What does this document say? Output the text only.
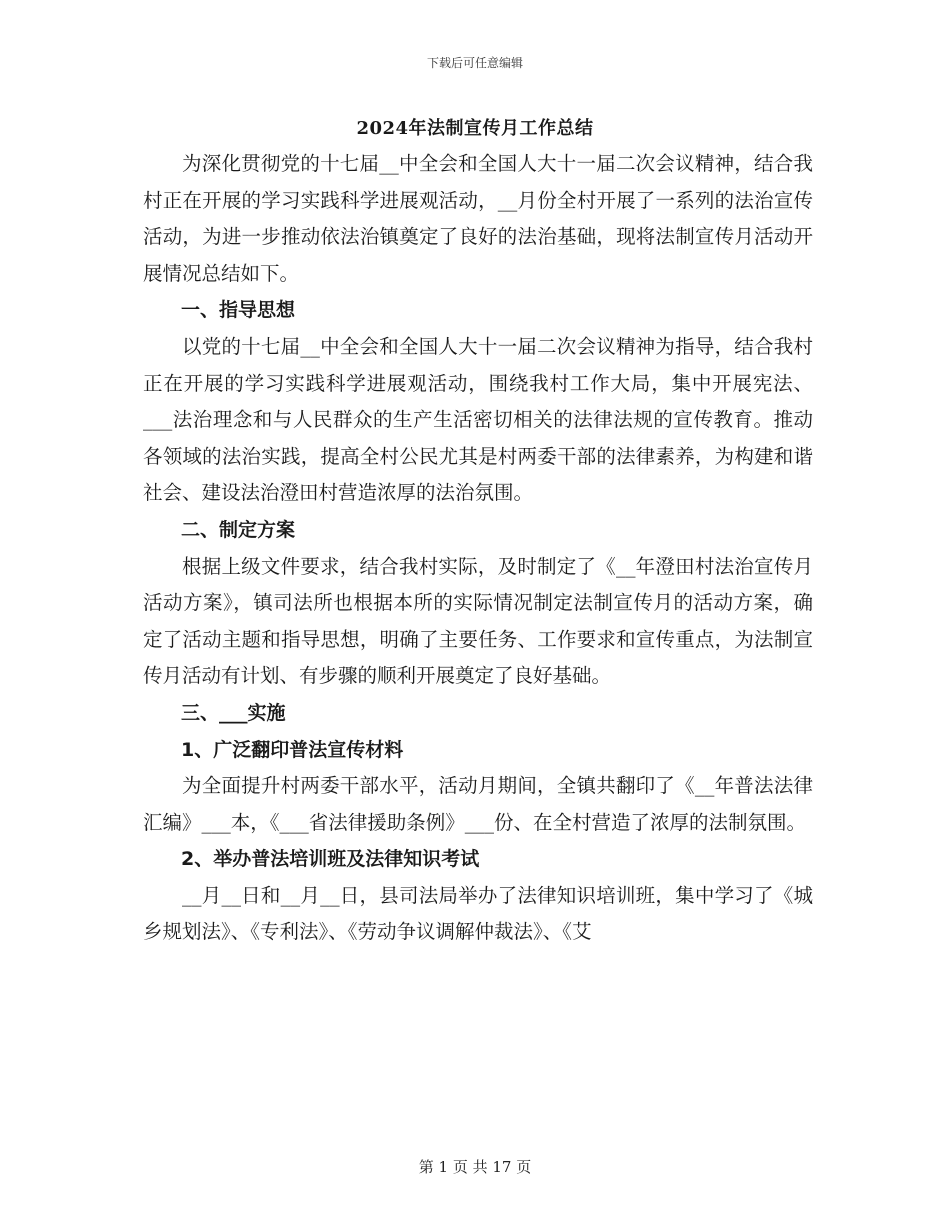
下载后可任意编辑
2024年法制宣传月工作总结

为深化贯彻党的十七届__中全会和全国人大十一届二次会议精神，结合我村正在开展的学习实践科学进展观活动，__月份全村开展了一系列的法治宣传活动，为进一步推动依法治镇奠定了良好的法治基础，现将法制宣传月活动开展情况总结如下。

一、指导思想

以党的十七届__中全会和全国人大十一届二次会议精神为指导，结合我村正在开展的学习实践科学进展观活动，围绕我村工作大局，集中开展宪法、___法治理念和与人民群众的生产生活密切相关的法律法规的宣传教育。推动各领域的法治实践，提高全村公民尤其是村两委干部的法律素养，为构建和谐社会、建设法治澄田村营造浓厚的法治氛围。

二、制定方案

根据上级文件要求，结合我村实际，及时制定了《__年澄田村法治宣传月活动方案》，镇司法所也根据本所的实际情况制定法制宣传月的活动方案，确定了活动主题和指导思想，明确了主要任务、工作要求和宣传重点，为法制宣传月活动有计划、有步骤的顺利开展奠定了良好基础。

三、___实施

1、广泛翻印普法宣传材料

为全面提升村两委干部水平，活动月期间，全镇共翻印了《__年普法法律汇编》___本，《___省法律援助条例》___份、在全村营造了浓厚的法制氛围。

2、举办普法培训班及法律知识考试

__月__日和__月__日，县司法局举办了法律知识培训班，集中学习了《城乡规划法》、《专利法》、《劳动争议调解仲裁法》、《艾

第 1 页 共 17 页
